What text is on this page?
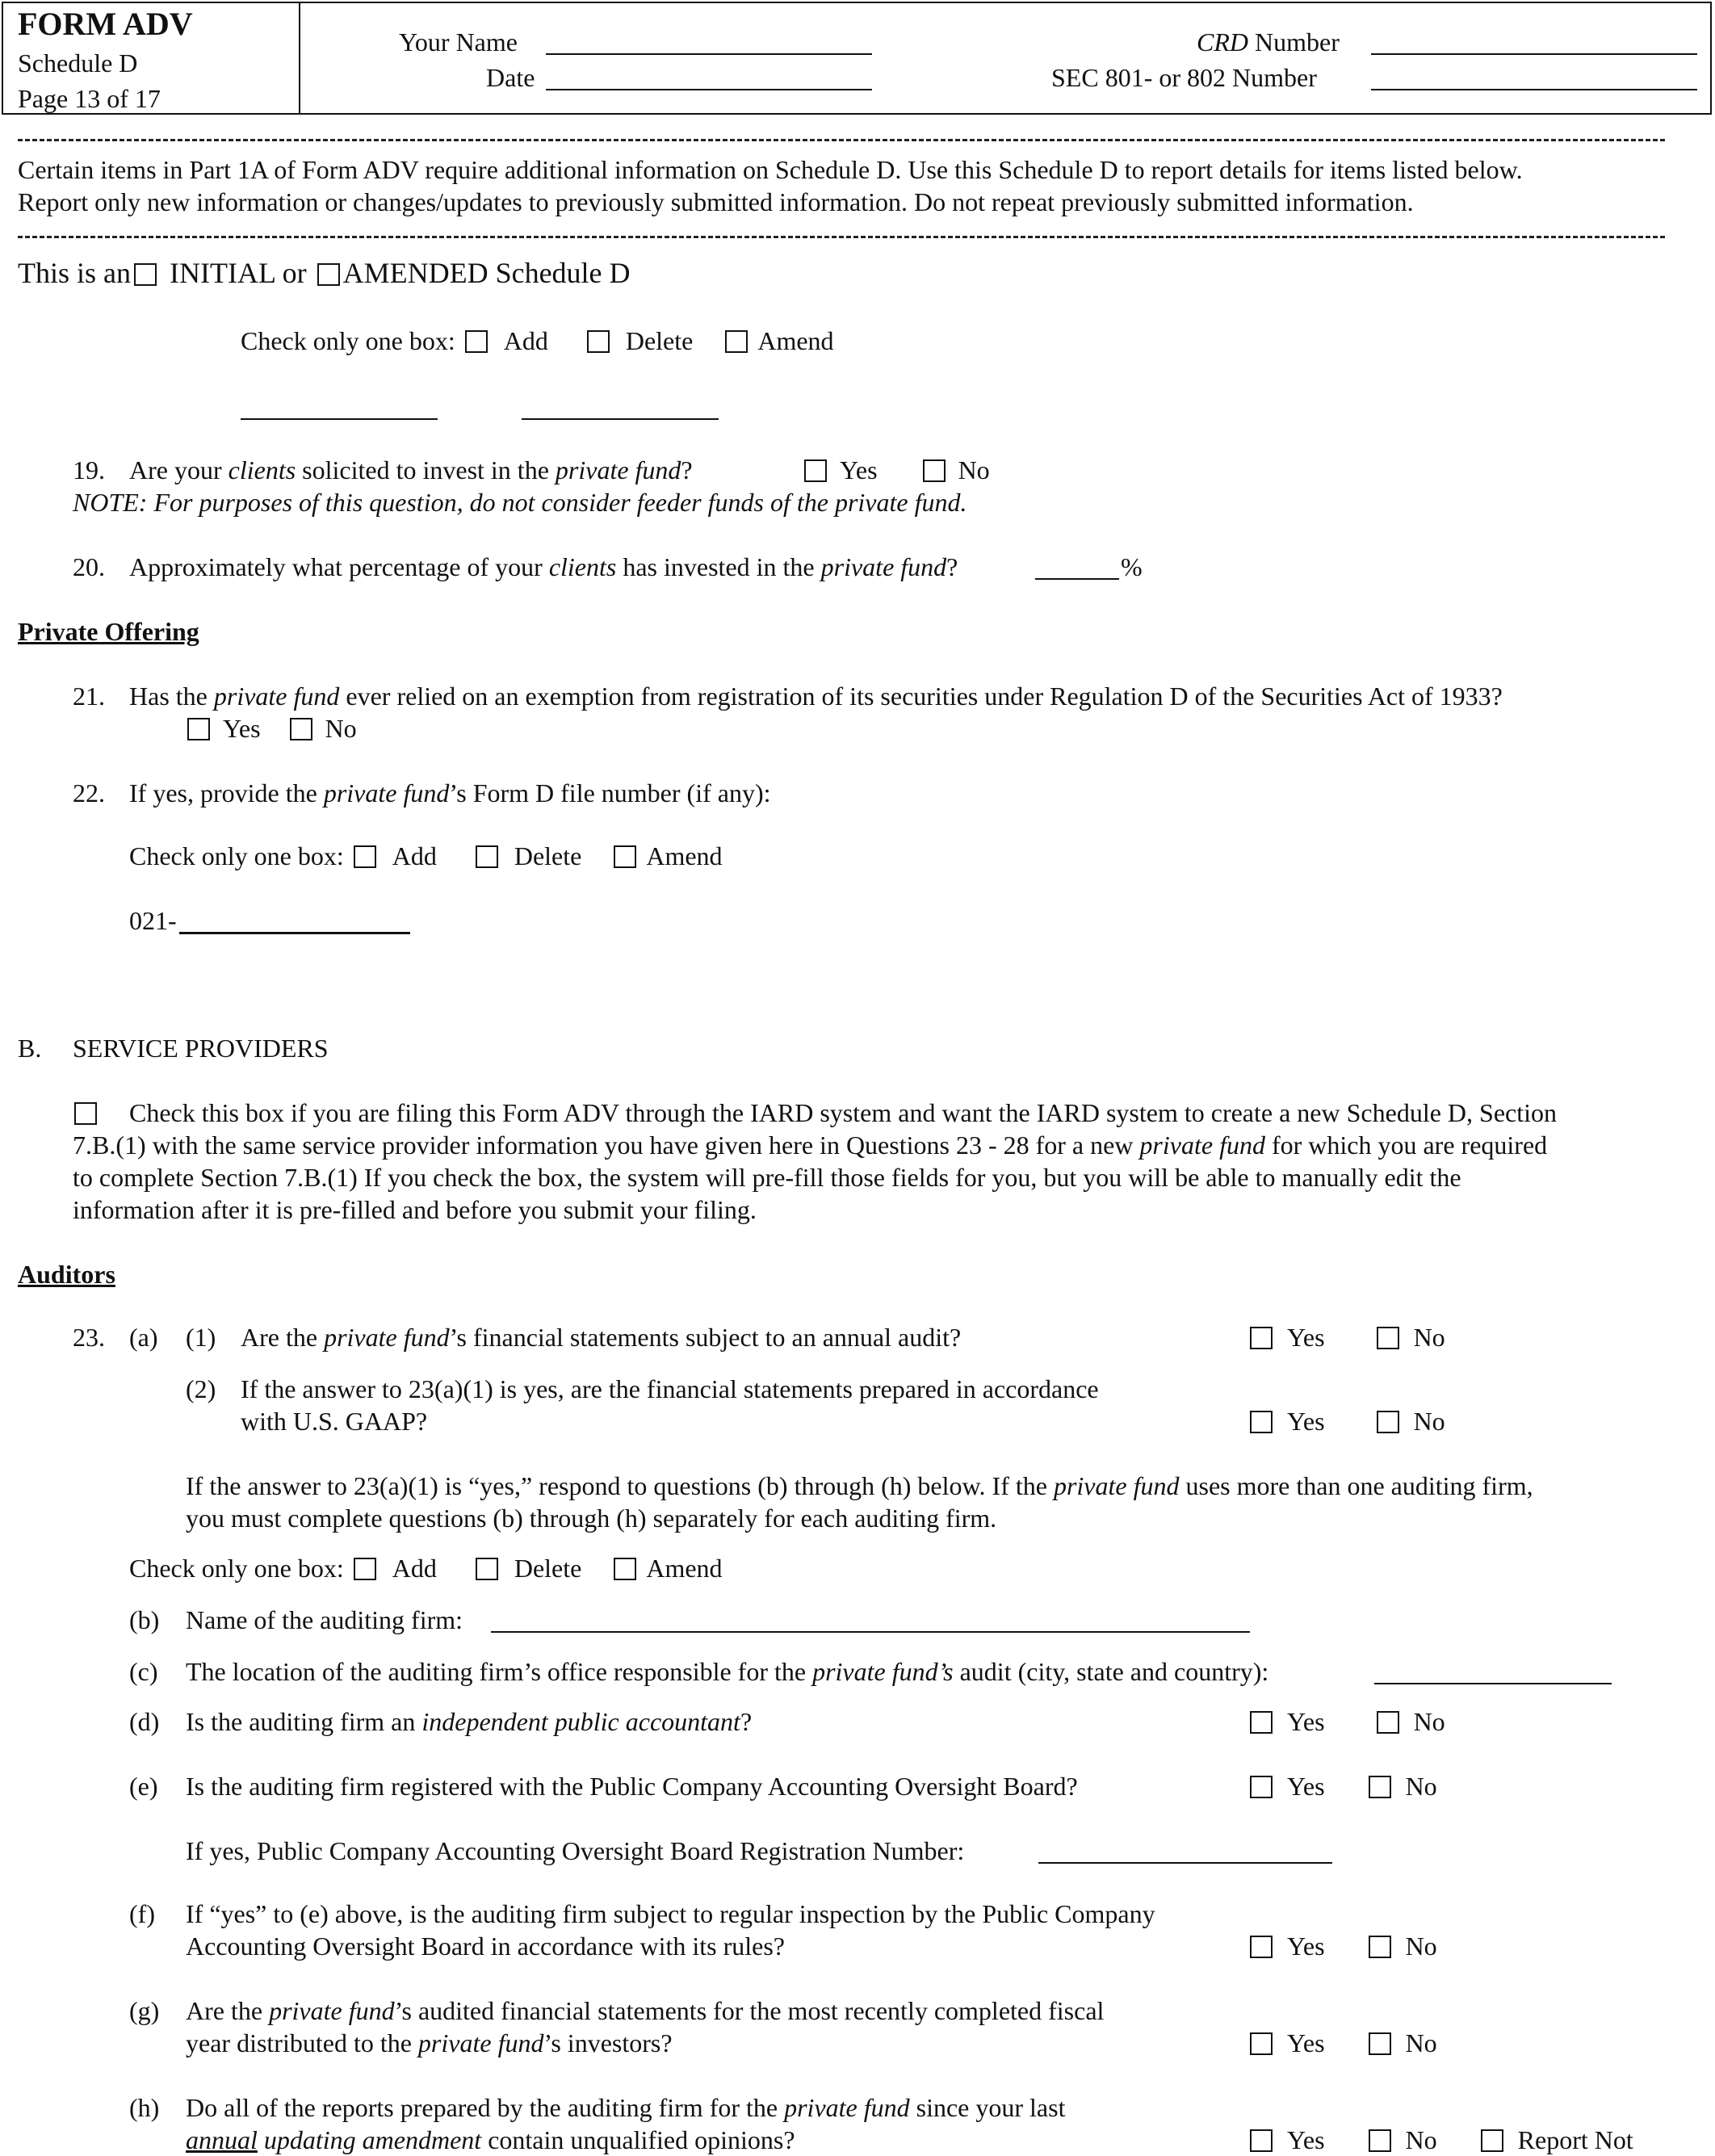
FORM ADV
Schedule D
Page 13 of 17
Your Name
Date
CRD Number
SEC 801- or 802 Number
Certain items in Part 1A of Form ADV require additional information on Schedule D. Use this Schedule D to report details for items listed below.
Report only new information or changes/updates to previously submitted information. Do not repeat previously submitted information.
This is an INITIAL or AMENDED Schedule D
Check only one box: Add	Delete	Amend
19. Are your clients solicited to invest in the private fund?	Yes	No
NOTE: For purposes of this question, do not consider feeder funds of the private fund.
20. Approximately what percentage of your clients has invested in the private fund?	%
Private Offering
21. Has the private fund ever relied on an exemption from registration of its securities under Regulation D of the Securities Act of 1933?
Yes	No
22. If yes, provide the private fund’s Form D file number (if any):
Check only one box: Add	Delete	Amend
021-
B. SERVICE PROVIDERS
Check this box if you are filing this Form ADV through the IARD system and want the IARD system to create a new Schedule D, Section
7.B.(1) with the same service provider information you have given here in Questions 23 - 28 for a new private fund for which you are required
to complete Section 7.B.(1) If you check the box, the system will pre-fill those fields for you, but you will be able to manually edit the
information after it is pre-filled and before you submit your filing.
Auditors
23. (a) (1) Are the private fund’s financial statements subject to an annual audit?	Yes	No
(2) If the answer to 23(a)(1) is yes, are the financial statements prepared in accordance
with U.S. GAAP?	Yes	No
If the answer to 23(a)(1) is “yes,” respond to questions (b) through (h) below. If the private fund uses more than one auditing firm,
you must complete questions (b) through (h) separately for each auditing firm.
Check only one box: Add	Delete	Amend
(b) Name of the auditing firm:
(c) The location of the auditing firm’s office responsible for the private fund’s audit (city, state and country):
(d) Is the auditing firm an independent public accountant?	Yes	No
(e) Is the auditing firm registered with the Public Company Accounting Oversight Board?	Yes	No
If yes, Public Company Accounting Oversight Board Registration Number:
(f) If “yes” to (e) above, is the auditing firm subject to regular inspection by the Public Company
Accounting Oversight Board in accordance with its rules?	Yes	No
(g) Are the private fund’s audited financial statements for the most recently completed fiscal
year distributed to the private fund’s investors?	Yes	No
(h) Do all of the reports prepared by the auditing firm for the private fund since your last
annual updating amendment contain unqualified opinions?	Yes	No	Report Not
